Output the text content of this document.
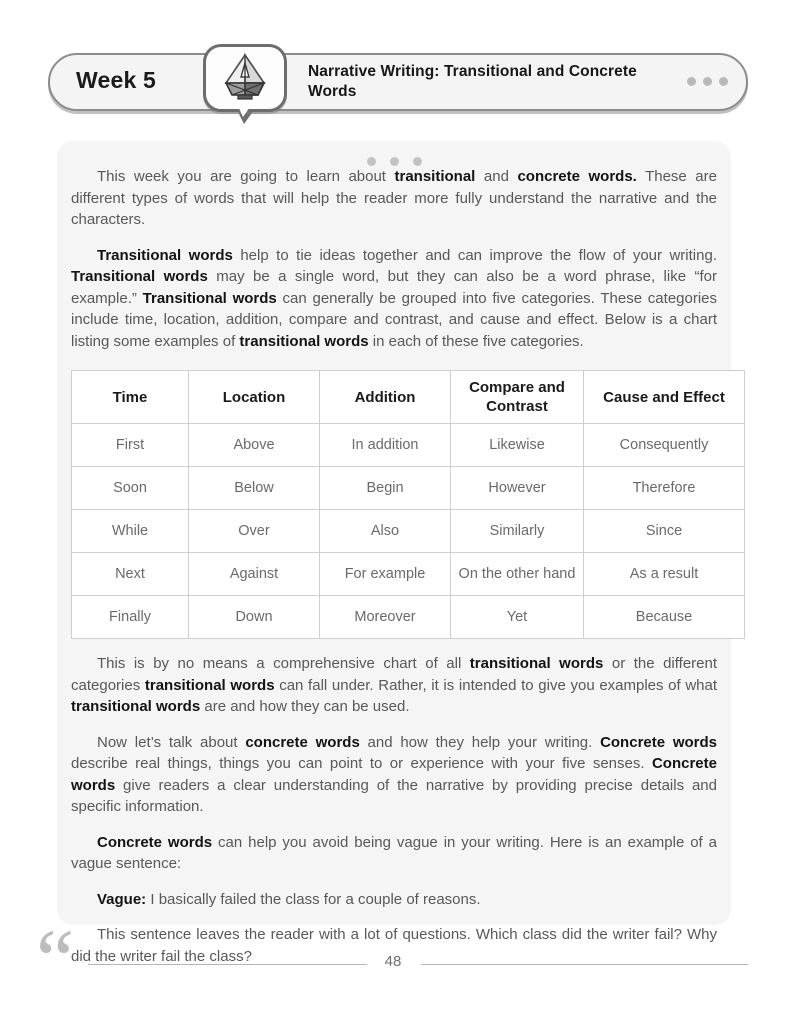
Week 5	Narrative Writing: Transitional and Concrete Words

This week you are going to learn about transitional and concrete words. These are different types of words that will help the reader more fully understand the narrative and the characters.

Transitional words help to tie ideas together and can improve the flow of your writing. Transitional words may be a single word, but they can also be a word phrase, like “for example.” Transitional words can generally be grouped into five categories. These categories include time, location, addition, compare and contrast, and cause and effect. Below is a chart listing some examples of transitional words in each of these five categories.

Time	Location	Addition	Compare and Contrast	Cause and Effect
First	Above	In addition	Likewise	Consequently
Soon	Below	Begin	However	Therefore
While	Over	Also	Similarly	Since
Next	Against	For example	On the other hand	As a result
Finally	Down	Moreover	Yet	Because

This is by no means a comprehensive chart of all transitional words or the different categories transitional words can fall under. Rather, it is intended to give you examples of what transitional words are and how they can be used.

Now let’s talk about concrete words and how they help your writing. Concrete words describe real things, things you can point to or experience with your five senses. Concrete words give readers a clear understanding of the narrative by providing precise details and specific information.

Concrete words can help you avoid being vague in your writing. Here is an example of a vague sentence:

Vague: I basically failed the class for a couple of reasons.

This sentence leaves the reader with a lot of questions. Which class did the writer fail? Why did the writer fail the class?

“	48
